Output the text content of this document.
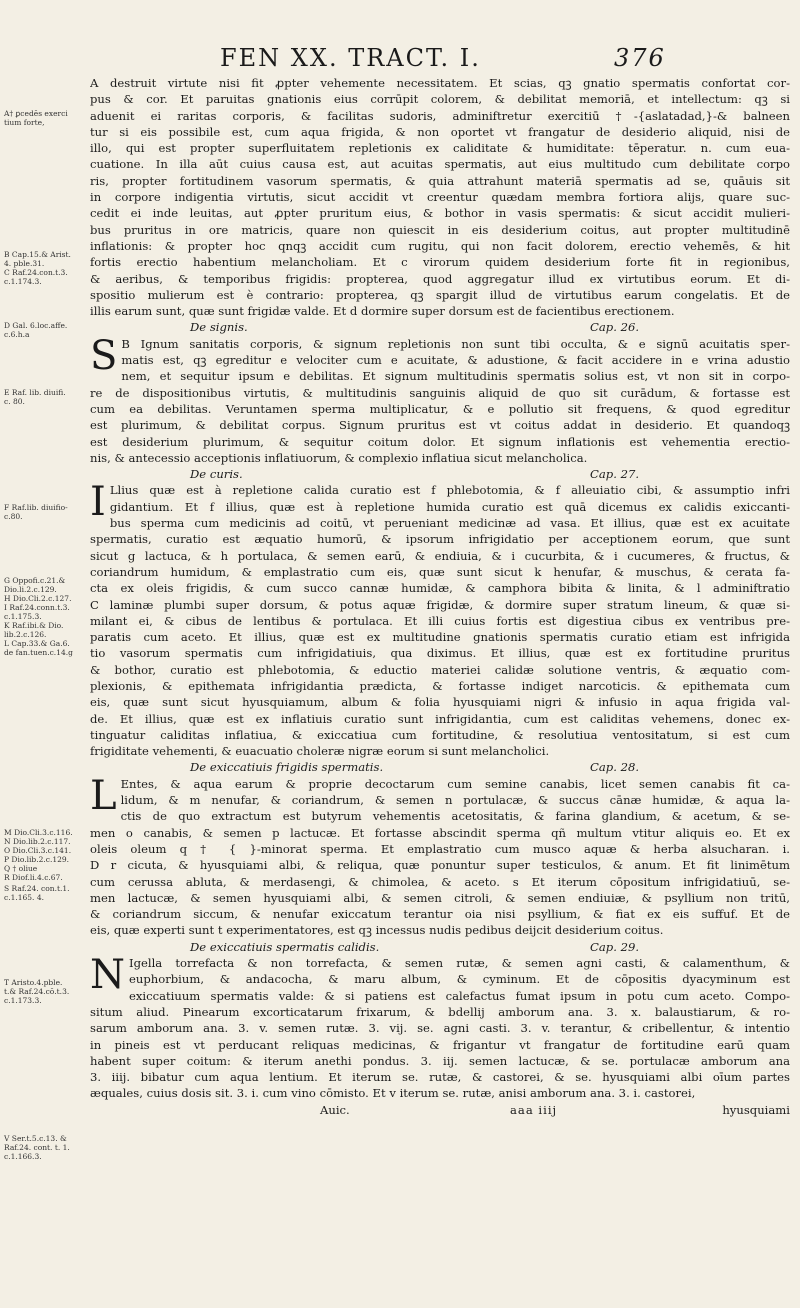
FEN XX. TRACT. I.	376
A† ꝑcedēs exerci
tium forte,
B Cap.15.& Arist.
4. pble.31.
C Raf.24.con.t.3.
c.1.174.3.
D Gal. 6.loc.affe.
c.6.h.a
E Raf. lib. diuifi.
c. 80.
F Raf.lib. diuifio-
c.80.
G Oppofi.c.21.&
Dio.li.2.c.129.
H Dio.Cli.2.c.127.
I Raf.24.conn.t.3.
c.1.175.3.
K Raf.ibi.& Dio.
lib.2.c.126.
L Cap.33.& Ga.6.
de fan.tuen.c.14.g
M Dio.Cli.3.c.116.
N Dio.lib.2.c.117.
O Dio.Cli.3.c.141.
P Dio.lib.2.c.129.
Q † oliue
R Diof.li.4.c.67.
S Raf.24. con.t.1.
c.1.165. 4.
T Aristo.4.pble.
t.& Raf.24.cō.t.3.
c.1.173.3.
V Ser.t.5.c.13. &
Raf.24. cont. t. 1.
c.1.166.3.
A destruit virtute nisi fit ꝓpter vehemente necessitatem. Et scias, qꝫ gnatio spermatis confortat cor-
pus & cor. Et paruitas gnationis eius corrūpit colorem, & debilitat memoriā, et intellectum: qꝫ si
aduenit ei raritas corporis, & facilitas sudoris, adminiftretur exercitiū †-{aslatadad,}-& balneen
tur si eis possibile est, cum aqua frigida, & non oportet vt frangatur de desiderio aliquid, nisi de
illo, qui est propter superfluitatem repletionis ex caliditate & humiditate: tēperatur. n. cum eua-
cuatione. In illa aūt cuius causa est, aut acuitas spermatis, aut eius multitudo cum debilitate corpo
ris, propter fortitudinem vasorum spermatis, & quia attrahunt materiā spermatis ad se, quāuis sit
in corpore indigentia virtutis, sicut accidit vt creentur quædam membra fortiora alijs, quare suc-
cedit ei inde leuitas, aut ꝓpter pruritum eius, & bothor in vasis spermatis: & sicut accidit mulieri-
bus pruritus in ore matricis, quare non quiescit in eis desiderium coitus, aut propter multitudinē
inflationis: & propter hoc qnqꝫ accidit cum rugitu, qui non facit dolorem, erectio vehemēs, & hit
fortis erectio habentium melancholiam. Et c virorum quidem desiderium forte fit in regionibus,
& aeribus, & temporibus frigidis: propterea, quod aggregatur illud ex virtutibus eorum. Et di-
spositio mulierum est è contrario: propterea, qꝫ spargit illud de virtutibus earum congelatis. Et de
illis earum sunt, quæ sunt frigidæ valde. Et d dormire super dorsum est de facientibus erectionem.
De signis.	Cap. 26.
S B Ignum sanitatis corporis, & signum repletionis non sunt tibi occulta, & e signū acuitatis sper-
matis est, qꝫ egreditur e velociter cum e acuitate, & adustione, & facit accidere in e vrina adustio
nem, et sequitur ipsum e debilitas. Et signum multitudinis spermatis solius est, vt non sit in corpo-
re de dispositionibus virtutis, & multitudinis sanguinis aliquid de quo sit curādum, & fortasse est
cum ea debilitas. Veruntamen sperma multiplicatur, & e pollutio sit frequens, & quod egreditur
est plurimum, & debilitat corpus. Signum pruritus est vt coitus addat in desiderio. Et quandoqꝫ
est desiderium plurimum, & sequitur coitum dolor. Et signum inflationis est vehementia erectio-
nis, & antecessio acceptionis inflatiuorum, & complexio inflatiua sicut melancholica.
De curis.	Cap. 27.
I Llius quæ est à repletione calida curatio est f phlebotomia, & f alleuiatio cibi, & assumptio infri
gidantium. Et f illius, quæ est à repletione humida curatio est quā dicemus ex calidis exiccanti-
bus sperma cum medicinis ad coitū, vt perueniant medicinæ ad vasa. Et illius, quæ est ex acuitate
spermatis, curatio est æquatio humorū, & ipsorum infrigidatio per acceptionem eorum, que sunt
sicut g lactuca, & h portulaca, & semen earū, & endiuia, & i cucurbita, & i cucumeres, & fructus, &
coriandrum humidum, & emplastratio cum eis, quæ sunt sicut k henufar, & muschus, & cerata fa-
cta ex oleis frigidis, & cum succo cannæ humidæ, & camphora bibita & linita, & l adminiftratio
C laminæ plumbi super dorsum, & potus aquæ frigidæ, & dormire super stratum lineum, & quæ si-
milant ei, & cibus de lentibus & portulaca. Et illi cuius fortis est digestiua cibus ex ventribus pre-
paratis cum aceto. Et illius, quæ est ex multitudine gnationis spermatis curatio etiam est infrigida
tio vasorum spermatis cum infrigidatiuis, qua diximus. Et illius, quæ est ex fortitudine pruritus
& bothor, curatio est phlebotomia, & eductio materiei calidæ solutione ventris, & æquatio com-
plexionis, & epithemata infrigidantia prædicta, & fortasse indiget narcoticis. & epithemata cum
eis, quæ sunt sicut hyusquiamum, album & folia hyusquiami nigri & infusio in aqua frigida val-
de. Et illius, quæ est ex inflatiuis curatio sunt infrigidantia, cum est caliditas vehemens, donec ex-
tinguatur caliditas inflatiua, & exiccatiua cum fortitudine, & resolutiua ventositatum, si est cum
frigiditate vehementi, & euacuatio choleræ nigræ eorum si sunt melancholici.
De exiccatiuis frigidis spermatis.	Cap. 28.
L Entes, & aqua earum & proprie decoctarum cum semine canabis, licet semen canabis fit ca-
lidum, & m nenufar, & coriandrum, & semen n portulacæ, & succus cānæ humidæ, & aqua la-
ctis de quo extractum est butyrum vehementis acetositatis, & farina glandium, & acetum, & se-
men o canabis, & semen p lactucæ. Et fortasse abscindit sperma qñ multum vtitur aliquis eo. Et ex
oleis oleum q † { }-minorat sperma. Et emplastratio cum musco aquæ & herba alsucharan. i.
D r cicuta, & hyusquiami albi, & reliqua, quæ ponuntur super testiculos, & anum. Et fit linimētum
cum cerussa abluta, & merdasengi, & chimolea, & aceto. s Et iterum cōpositum infrigidatiuū, se-
men lactucæ, & semen hyusquiami albi, & semen citroli, & semen endiuiæ, & psyllium non tritū,
& coriandrum siccum, & nenufar exiccatum terantur oia nisi psyllium, & fiat ex eis suffuf. Et de
eis, quæ experti sunt t experimentatores, est qꝫ incessus nudis pedibus deijcit desiderium coitus.
De exiccatiuis spermatis calidis.	Cap. 29.
N Igella torrefacta & non torrefacta, & semen rutæ, & semen agni casti, & calamenthum, &
euphorbium, & andacocha, & maru album, & cyminum. Et de cōpositis dyacyminum est
exiccatiuum spermatis valde: & si patiens est calefactus fumat ipsum in potu cum aceto. Compo-
situm aliud. Pinearum excorticatarum frixarum, & bdellij amborum ana. 3. x. balaustiarum, & ro-
sarum amborum ana. 3. v. semen rutæ. 3. vij. se. agni casti. 3. v. terantur, & cribellentur, & intentio
in pineis est vt perducant reliquas medicinas, & frigantur vt frangatur de fortitudine earū quam
habent super coitum: & iterum anethi pondus. 3. iij. semen lactucæ, & se. portulacæ amborum ana
3. iiij. bibatur cum aqua lentium. Et iterum se. rutæ, & castorei, & se. hyusquiami albi oīum partes
æquales, cuius dosis sit. 3. i. cum vino cōmisto. Et v iterum se. rutæ, anisi amborum ana. 3. i. castorei,
Auic.	aaa iiij	hyusquiami
